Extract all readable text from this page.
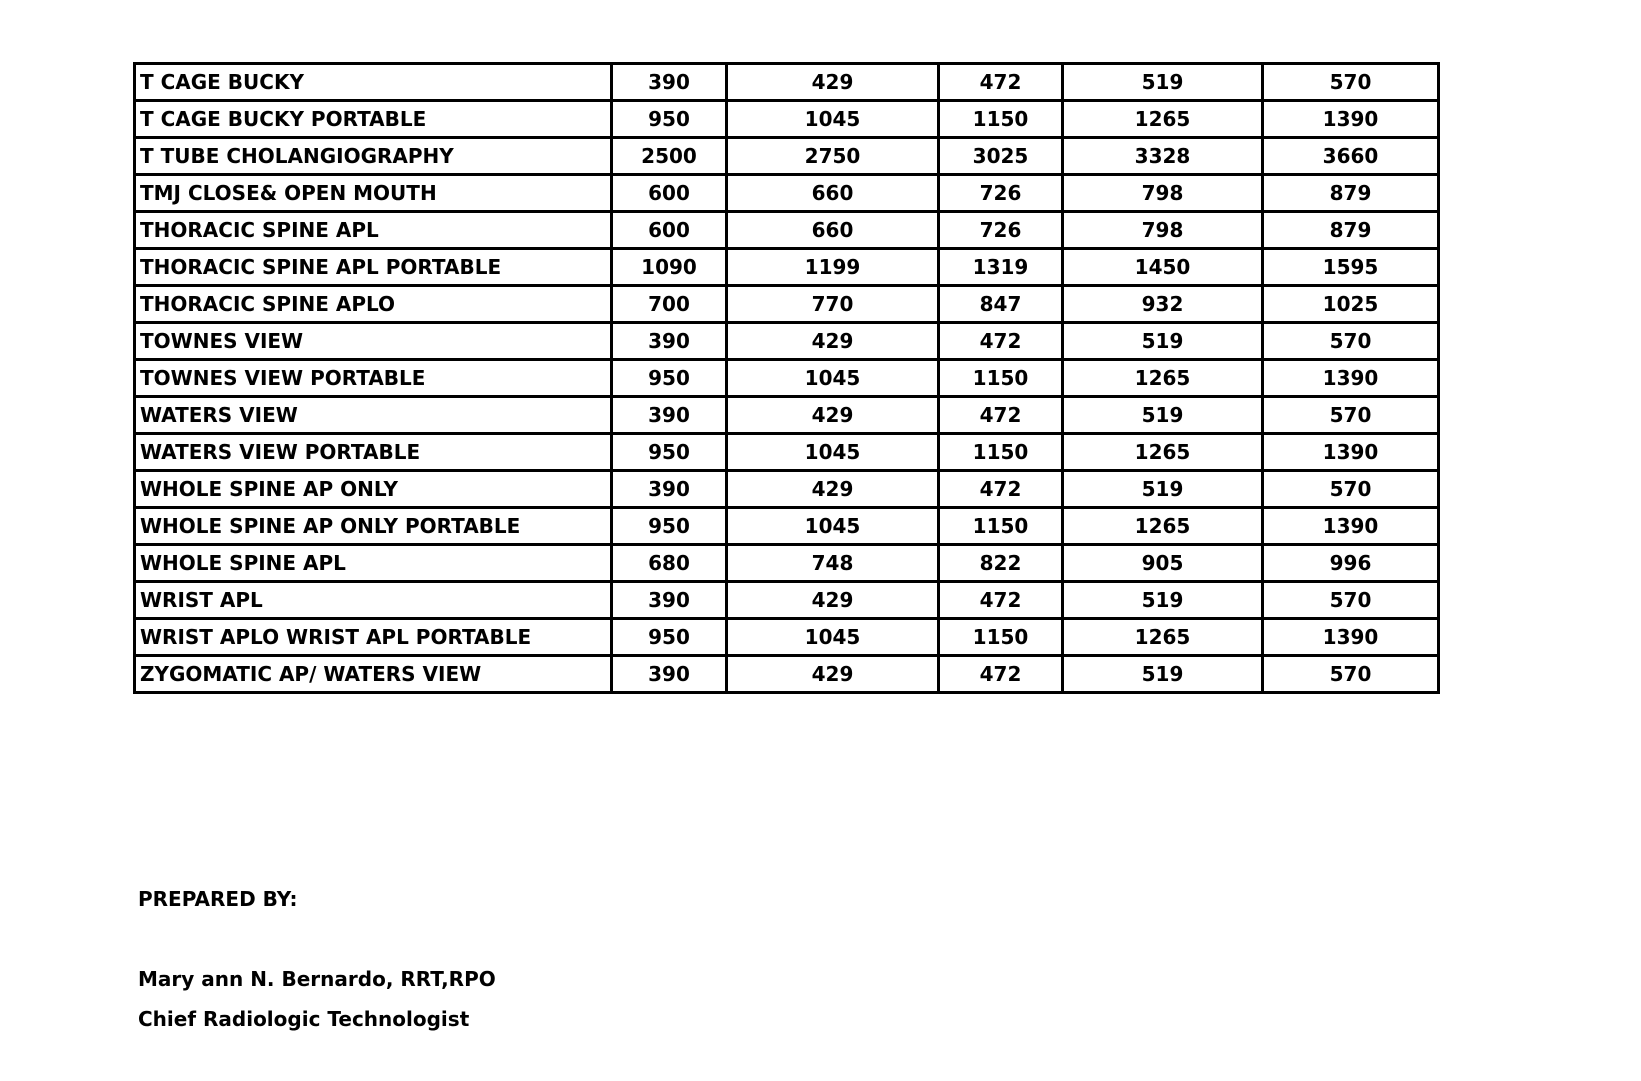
T CAGE BUCKY	390	429	472	519	570
T CAGE BUCKY PORTABLE	950	1045	1150	1265	1390
T TUBE CHOLANGIOGRAPHY	2500	2750	3025	3328	3660
TMJ CLOSE& OPEN MOUTH	600	660	726	798	879
THORACIC SPINE APL	600	660	726	798	879
THORACIC SPINE APL PORTABLE	1090	1199	1319	1450	1595
THORACIC SPINE APLO	700	770	847	932	1025
TOWNES VIEW	390	429	472	519	570
TOWNES VIEW PORTABLE	950	1045	1150	1265	1390
WATERS VIEW	390	429	472	519	570
WATERS VIEW PORTABLE	950	1045	1150	1265	1390
WHOLE SPINE AP ONLY	390	429	472	519	570
WHOLE SPINE AP ONLY PORTABLE	950	1045	1150	1265	1390
WHOLE SPINE APL	680	748	822	905	996
WRIST APL	390	429	472	519	570
WRIST APLO WRIST APL PORTABLE	950	1045	1150	1265	1390
ZYGOMATIC AP/ WATERS VIEW	390	429	472	519	570
PREPARED BY:
Mary ann N. Bernardo, RRT,RPO
Chief Radiologic Technologist
